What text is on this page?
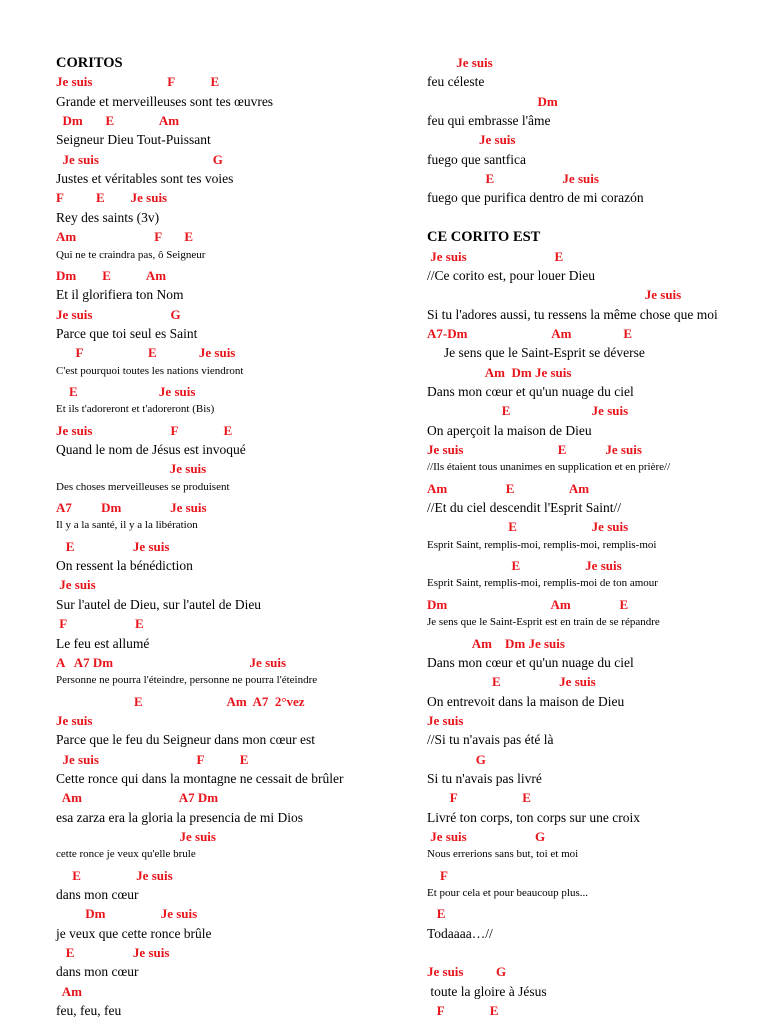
CORITOS
Je suis                       F           E
Grande et merveilleuses sont tes œuvres
Dm       E              Am
Seigneur Dieu Tout-Puissant
Je suis                                   G
Justes et véritables sont tes voies
F          E        Je suis
Rey des saints (3v)
Am                        F       E
Qui ne te craindra pas, ô Seigneur
Dm        E           Am
Et il glorifiera ton Nom
Je suis                        G
Parce que toi seul es Saint
F                    E             Je suis
C'est pourquoi toutes les nations viendront
E                         Je suis
Et ils t'adoreront et t'adoreront (Bis)
Je suis                        F              E
Quand le nom de Jésus est invoqué
Je suis
Des choses merveilleuses se produisent
A7         Dm               Je suis
Il y a la santé, il y a la libération
E                  Je suis
On ressent la bénédiction
Je suis
Sur l'autel de Dieu, sur l'autel de Dieu
F                     E
Le feu est allumé
A   A7 Dm                                          Je suis
Personne ne pourra l'éteindre, personne ne pourra l'éteindre
E                          Am  A7  2°vez
Je suis
Parce que le feu du Seigneur dans mon cœur est
Je suis                              F           E
Cette ronce qui dans la montagne ne cessait de brûler
Am                              A7 Dm
esa zarza era la gloria la presencia de mi Dios
Je suis
cette ronce je veux qu'elle brule
E                 Je suis
dans mon cœur
Dm                 Je suis
je veux que cette ronce brûle
E                  Je suis
dans mon cœur
Am
feu, feu, feu
Je suis
feu céleste
Dm
feu qui embrasse l'âme
Je suis
fuego que santfica
E                     Je suis
fuego que purifica dentro de mi corazón
CE CORITO EST
Je suis                           E
//Ce corito est, pour louer Dieu
Je suis
Si tu l'adores aussi, tu ressens la même chose que moi
A7-Dm                          Am                E
Je sens que le Saint-Esprit se déverse
Am  Dm Je suis
Dans mon cœur et qu'un nuage du ciel
E                         Je suis
On aperçoit la maison de Dieu
Je suis                             E            Je suis
//Ils étaient tous unanimes en supplication et en prière//
Am                  E                 Am
//Et du ciel descendit l'Esprit Saint//
E                       Je suis
Esprit Saint, remplis-moi, remplis-moi, remplis-moi
E                    Je suis
Esprit Saint, remplis-moi, remplis-moi de ton amour
Dm                                Am               E
Je sens que le Saint-Esprit est en train de se répandre
Am    Dm Je suis
Dans mon cœur et qu'un nuage du ciel
E                  Je suis
On entrevoit dans la maison de Dieu
Je suis
//Si tu n'avais pas été là
G
Si tu n'avais pas livré
F                    E
Livré ton corps, ton corps sur une croix
Je suis                     G
Nous errerions sans but, toi et moi
F
Et pour cela et pour beaucoup plus...
E
Todaaaa…//
Je suis          G
toute la gloire à Jésus
F              E
